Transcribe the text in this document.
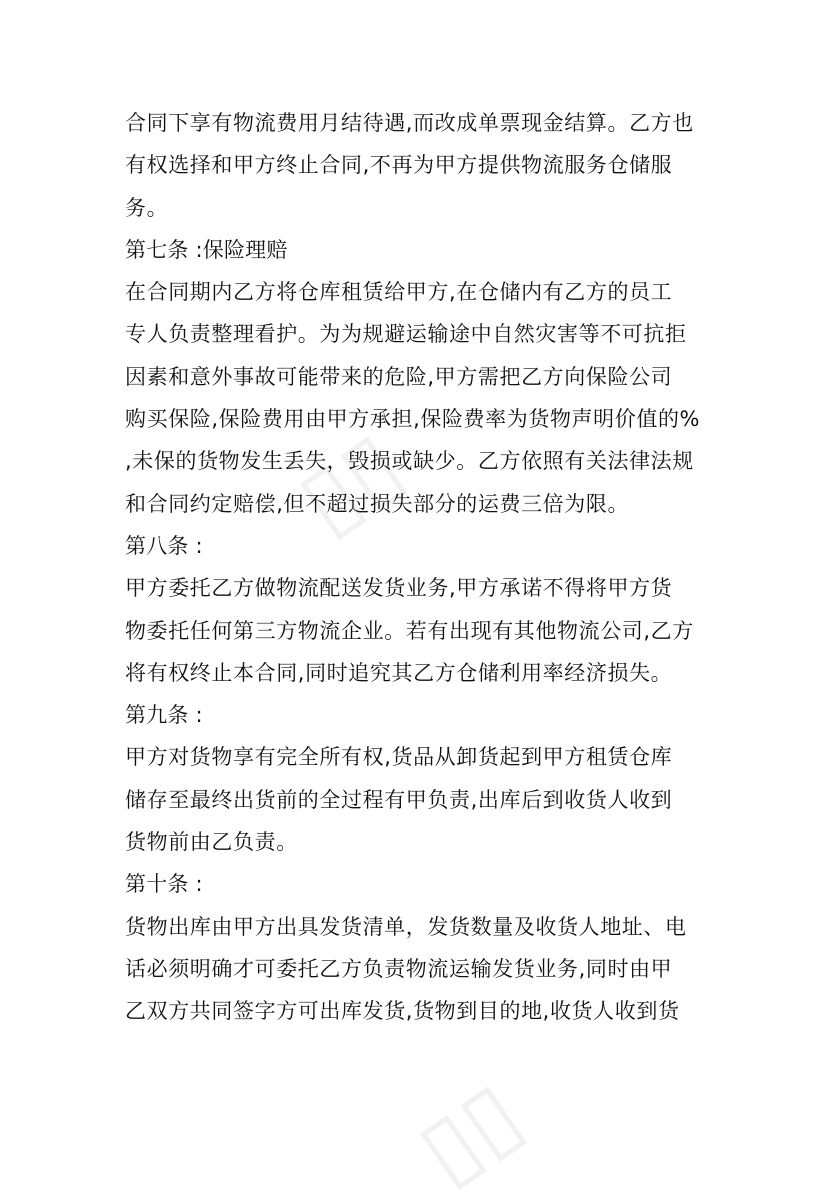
▯▯
▯▯
合同下享有物流费用月结待遇,而改成单票现金结算。乙方也
有权选择和甲方终止合同,不再为甲方提供物流服务仓储服
务。
第七条 :保险理赔
在合同期内乙方将仓库租赁给甲方,在仓储内有乙方的员工
专人负责整理看护。为为规避运输途中自然灾害等不可抗拒
因素和意外事故可能带来的危险,甲方需把乙方向保险公司
购买保险,保险费用由甲方承担,保险费率为货物声明价值的%
,未保的货物发生丢失，毁损或缺少。乙方依照有关法律法规
和合同约定赔偿,但不超过损失部分的运费三倍为限。
第八条 :
甲方委托乙方做物流配送发货业务,甲方承诺不得将甲方货
物委托任何第三方物流企业。若有出现有其他物流公司,乙方
将有权终止本合同,同时追究其乙方仓储利用率经济损失。
第九条 :
甲方对货物享有完全所有权,货品从卸货起到甲方租赁仓库
储存至最终出货前的全过程有甲负责,出库后到收货人收到
货物前由乙负责。
第十条 :
货物出库由甲方出具发货清单，发货数量及收货人地址、电
话必须明确才可委托乙方负责物流运输发货业务,同时由甲
乙双方共同签字方可出库发货,货物到目的地,收货人收到货
